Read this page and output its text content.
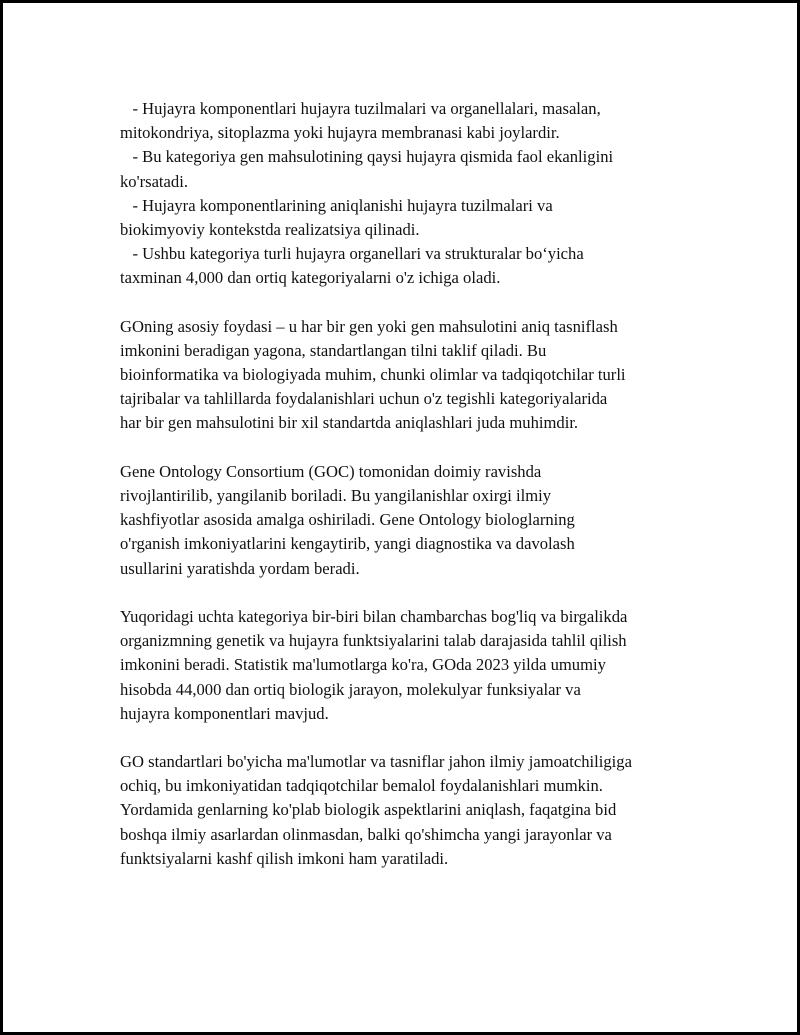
- Hujayra komponentlari hujayra tuzilmalari va organellalari, masalan,
mitokondriya, sitoplazma yoki hujayra membranasi kabi joylardir.
- Bu kategoriya gen mahsulotining qaysi hujayra qismida faol ekanligini
ko'rsatadi.
- Hujayra komponentlarining aniqlanishi hujayra tuzilmalari va
biokimyoviy kontekstda realizatsiya qilinadi.
- Ushbu kategoriya turli hujayra organellari va strukturalar bo‘yicha
taxminan 4,000 dan ortiq kategoriyalarni o'z ichiga oladi.
GOning asosiy foydasi – u har bir gen yoki gen mahsulotini aniq tasniflash
imkonini beradigan yagona, standartlangan tilni taklif qiladi. Bu
bioinformatika va biologiyada muhim, chunki olimlar va tadqiqotchilar turli
tajribalar va tahlillarda foydalanishlari uchun o'z tegishli kategoriyalarida
har bir gen mahsulotini bir xil standartda aniqlashlari juda muhimdir.
Gene Ontology Consortium (GOC) tomonidan doimiy ravishda
rivojlantirilib, yangilanib boriladi. Bu yangilanishlar oxirgi ilmiy
kashfiyotlar asosida amalga oshiriladi. Gene Ontology biologlarning
o'rganish imkoniyatlarini kengaytirib, yangi diagnostika va davolash
usullarini yaratishda yordam beradi.
Yuqoridagi uchta kategoriya bir-biri bilan chambarchas bog'liq va birgalikda
organizmning genetik va hujayra funktsiyalarini talab darajasida tahlil qilish
imkonini beradi. Statistik ma'lumotlarga ko'ra, GOda 2023 yilda umumiy
hisobda 44,000 dan ortiq biologik jarayon, molekulyar funksiyalar va
hujayra komponentlari mavjud.
GO standartlari bo'yicha ma'lumotlar va tasniflar jahon ilmiy jamoatchiligiga
ochiq, bu imkoniyatidan tadqiqotchilar bemalol foydalanishlari mumkin.
Yordamida genlarning ko'plab biologik aspektlarini aniqlash, faqatgina bid
boshqa ilmiy asarlardan olinmasdan, balki qo'shimcha yangi jarayonlar va
funktsiyalarni kashf qilish imkoni ham yaratiladi.
